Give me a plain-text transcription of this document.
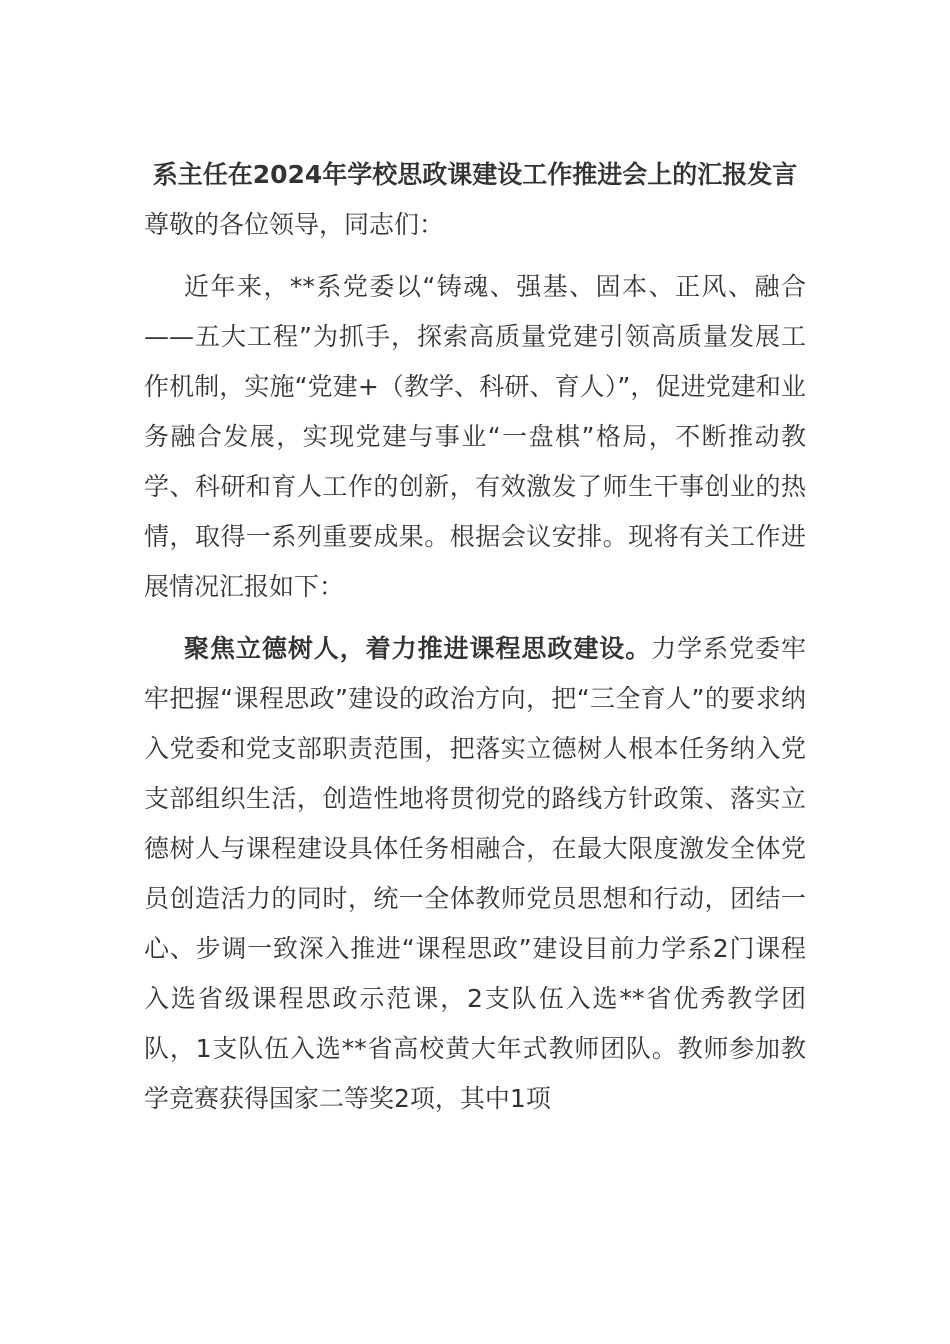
系主任在2024年学校思政课建设工作推进会上的汇报发言

尊敬的各位领导，同志们：

近年来，**系党委以“铸魂、强基、固本、正风、融合——五大工程”为抓手，探索高质量党建引领高质量发展工作机制，实施“党建+（教学、科研、育人）”，促进党建和业务融合发展，实现党建与事业“一盘棋”格局，不断推动教学、科研和育人工作的创新，有效激发了师生干事创业的热情，取得一系列重要成果。根据会议安排。现将有关工作进展情况汇报如下：

聚焦立德树人，着力推进课程思政建设。力学系党委牢牢把握“课程思政”建设的政治方向，把“三全育人”的要求纳入党委和党支部职责范围，把落实立德树人根本任务纳入党支部组织生活，创造性地将贯彻党的路线方针政策、落实立德树人与课程建设具体任务相融合，在最大限度激发全体党员创造活力的同时，统一全体教师党员思想和行动，团结一心、步调一致深入推进“课程思政”建设目前力学系2门课程入选省级课程思政示范课，2支队伍入选**省优秀教学团队，1支队伍入选**省高校黄大年式教师团队。教师参加教学竞赛获得国家二等奖2项，其中1项
